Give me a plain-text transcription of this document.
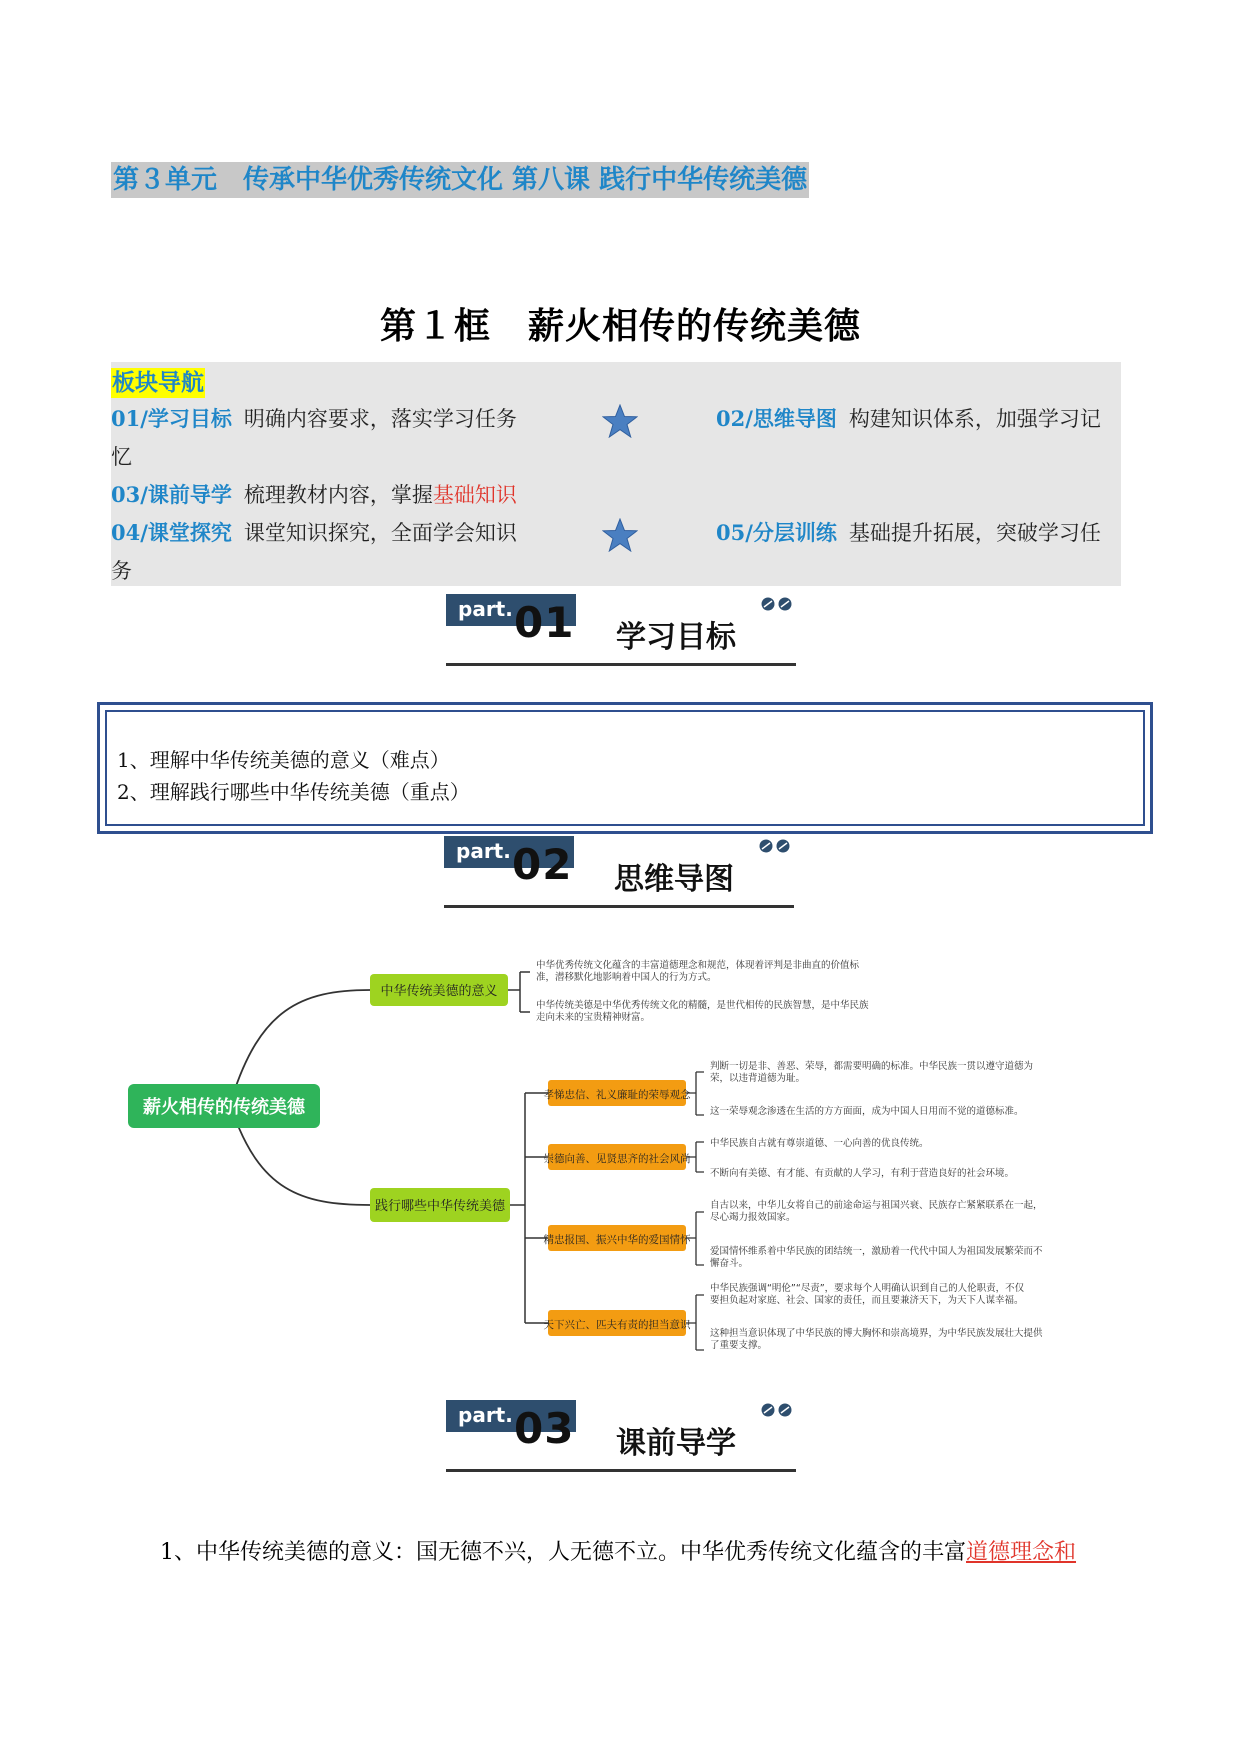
第３单元　传承中华优秀传统文化 第八课 践行中华传统美德
第１框　薪火相传的传统美德
板块导航
01/学习目标 明确内容要求，落实学习任务	02/思维导图 构建知识体系，加强学习记
忆
03/课前导学 梳理教材内容，掌握基础知识
04/课堂探究 课堂知识探究，全面学会知识	05/分层训练 基础提升拓展，突破学习任
务
part. 01 学习目标
1、理解中华传统美德的意义（难点）
2、理解践行哪些中华传统美德（重点）
part. 02 思维导图
薪火相传的传统美德
中华传统美德的意义
中华优秀传统文化蕴含的丰富道德理念和规范，体现着评判是非曲直的价值标
准，潜移默化地影响着中国人的行为方式。
中华传统美德是中华优秀传统文化的精髓，是世代相传的民族智慧，是中华民族
走向未来的宝贵精神财富。
践行哪些中华传统美德
孝悌忠信、礼义廉耻的荣辱观念
判断一切是非、善恶、荣辱，都需要明确的标准。中华民族一贯以遵守道德为
荣，以违背道德为耻。
这一荣辱观念渗透在生活的方方面面，成为中国人日用而不觉的道德标准。
崇德向善、见贤思齐的社会风尚
中华民族自古就有尊崇道德、一心向善的优良传统。
不断向有美德、有才能、有贡献的人学习，有利于营造良好的社会环境。
精忠报国、振兴中华的爱国情怀
自古以来，中华儿女将自己的前途命运与祖国兴衰、民族存亡紧紧联系在一起，
尽心竭力报效国家。
爱国情怀维系着中华民族的团结统一，激励着一代代中国人为祖国发展繁荣而不
懈奋斗。
天下兴亡、匹夫有责的担当意识
中华民族强调“明伦”“尽责”，要求每个人明确认识到自己的人伦职责，不仅
要担负起对家庭、社会、国家的责任，而且要兼济天下，为天下人谋幸福。
这种担当意识体现了中华民族的博大胸怀和崇高境界，为中华民族发展壮大提供
了重要支撑。
part. 03 课前导学
1、中华传统美德的意义：国无德不兴，人无德不立。中华优秀传统文化蕴含的丰富道德理念和
